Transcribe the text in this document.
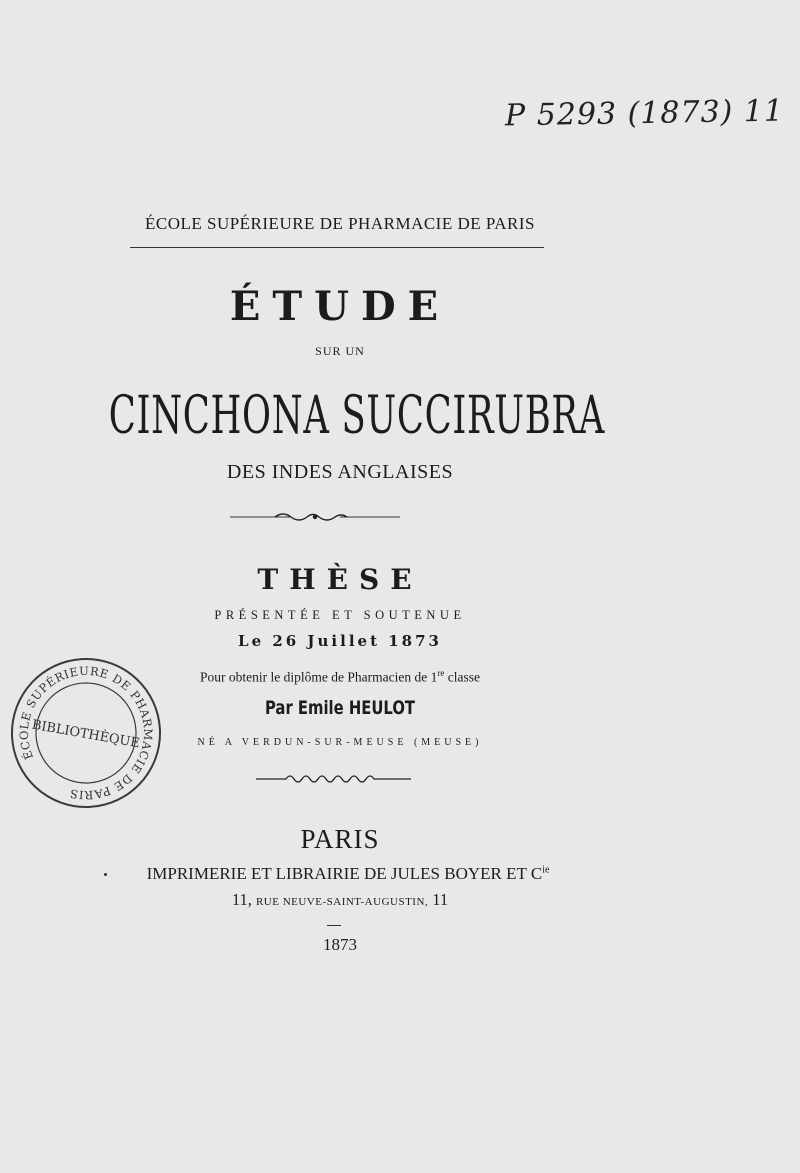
P 5293 (1873) 11
ÉCOLE SUPÉRIEURE DE PHARMACIE DE PARIS
ÉTUDE
SUR UN
CINCHONA SUCCIRUBRA
DES INDES ANGLAISES
THÈSE
PRÉSENTÉE ET SOUTENUE
Le 26 Juillet 1873
Pour obtenir le diplôme de Pharmacien de 1re classe
Par Emile HEULOT
NÉ A VERDUN-SUR-MEUSE (MEUSE)
PARIS
IMPRIMERIE ET LIBRAIRIE DE JULES BOYER ET $C^{ie}$
11, RUE NEUVE-SAINT-AUGUSTIN, 11
1873
ÉCOLE SUPÉRIEURE DE PHARMACIE DE PARIS
BIBLIOTHÈQUE
